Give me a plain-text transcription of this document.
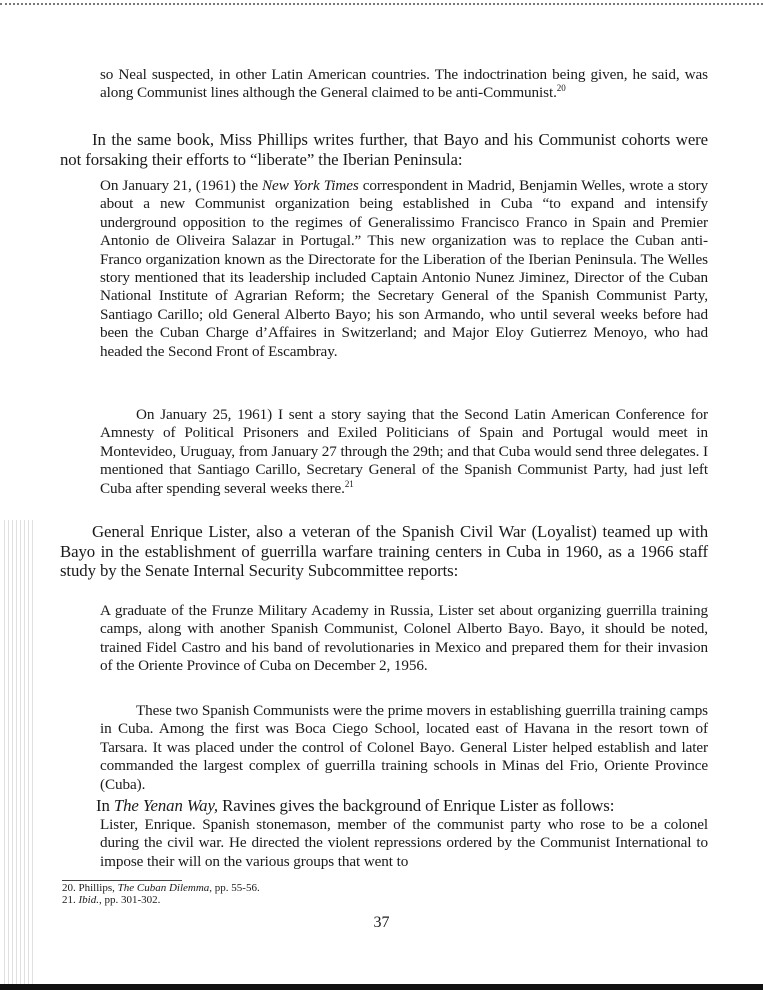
so Neal suspected, in other Latin American countries. The indoctrination being given, he said, was along Communist lines although the General claimed to be anti-Communist.$^{20}$

In the same book, Miss Phillips writes further, that Bayo and his Communist cohorts were not forsaking their efforts to “liberate” the Iberian Peninsula:

On January 21, (1961) the New York Times correspondent in Madrid, Benjamin Welles, wrote a story about a new Communist organization being established in Cuba “to expand and intensify underground opposition to the regimes of Generalissimo Francisco Franco in Spain and Premier Antonio de Oliveira Salazar in Portugal.” This new organization was to replace the Cuban anti-Franco organization known as the Directorate for the Liberation of the Iberian Peninsula. The Welles story mentioned that its leadership included Captain Antonio Nunez Jiminez, Director of the Cuban National Institute of Agrarian Reform; the Secretary General of the Spanish Communist Party, Santiago Carillo; old General Alberto Bayo; his son Armando, who until several weeks before had been the Cuban Charge d’Affaires in Switzerland; and Major Eloy Gutierrez Menoyo, who had headed the Second Front of Escambray.

On January 25, 1961) I sent a story saying that the Second Latin American Conference for Amnesty of Political Prisoners and Exiled Politicians of Spain and Portugal would meet in Montevideo, Uruguay, from January 27 through the 29th; and that Cuba would send three delegates. I mentioned that Santiago Carillo, Secretary General of the Spanish Communist Party, had just left Cuba after spending several weeks there.$^{21}$

General Enrique Lister, also a veteran of the Spanish Civil War (Loyalist) teamed up with Bayo in the establishment of guerrilla warfare training centers in Cuba in 1960, as a 1966 staff study by the Senate Internal Security Subcommittee reports:

A graduate of the Frunze Military Academy in Russia, Lister set about organizing guerrilla training camps, along with another Spanish Communist, Colonel Alberto Bayo. Bayo, it should be noted, trained Fidel Castro and his band of revolutionaries in Mexico and prepared them for their invasion of the Oriente Province of Cuba on December 2, 1956.

These two Spanish Communists were the prime movers in establishing guerrilla training camps in Cuba. Among the first was Boca Ciego School, located east of Havana in the resort town of Tarsara. It was placed under the control of Colonel Bayo. General Lister helped establish and later commanded the largest complex of guerrilla training schools in Minas del Frio, Oriente Province (Cuba).

In The Yenan Way, Ravines gives the background of Enrique Lister as follows:

Lister, Enrique. Spanish stonemason, member of the communist party who rose to be a colonel during the civil war. He directed the violent repressions ordered by the Communist International to impose their will on the various groups that went to

20. Phillips, The Cuban Dilemma, pp. 55-56.

21. Ibid., pp. 301-302.

37
